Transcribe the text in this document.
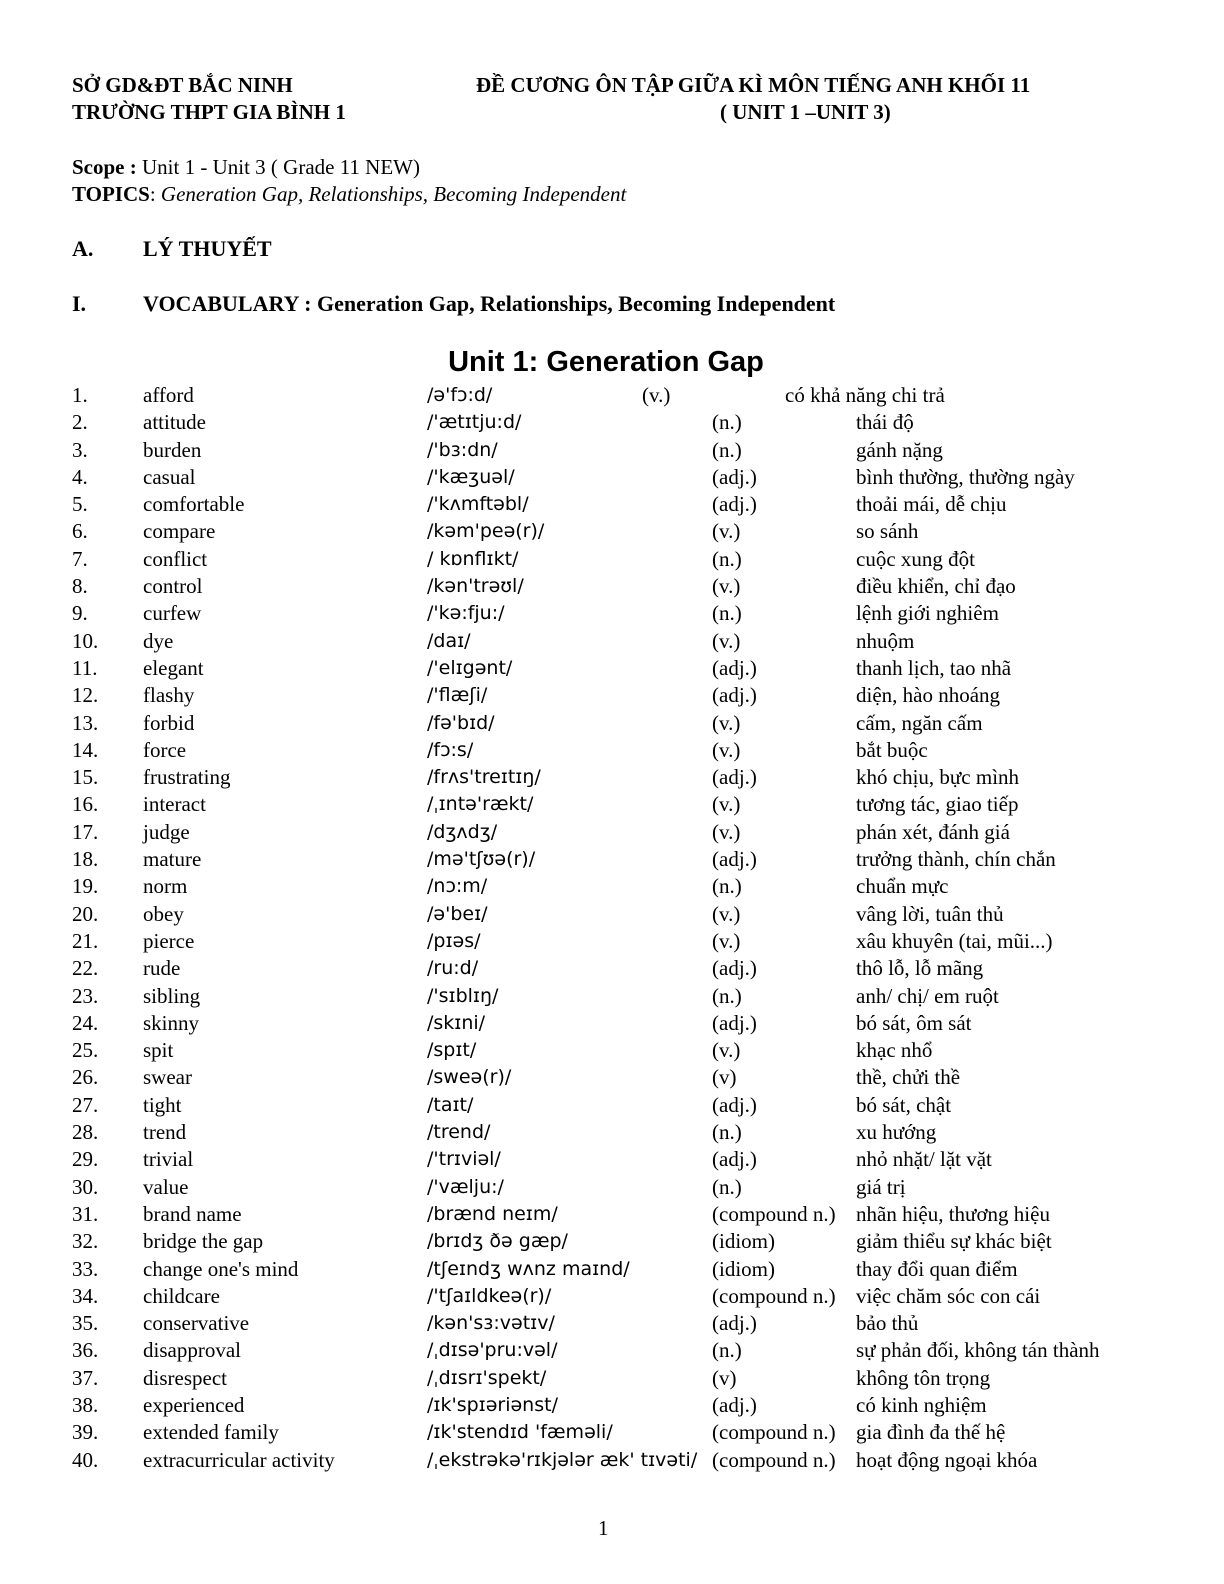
SỞ GD&ĐT BẮC NINH
TRƯỜNG THPT GIA BÌNH 1
ĐỀ CƯƠNG ÔN TẬP GIỮA KÌ MÔN TIẾNG ANH KHỐI 11
( UNIT 1 –UNIT 3)
Scope : Unit 1 - Unit 3 ( Grade 11 NEW)
TOPICS: Generation Gap, Relationships, Becoming Independent
A. LÝ THUYẾT
I.	VOCABULARY : Generation Gap, Relationships, Becoming Independent
Unit 1: Generation Gap
1.	afford	/ə'fɔ:d/	(v.)	có khả năng chi trả
2.	attitude	/'ætɪtju:d/	(n.)	thái độ
3.	burden	/'bɜ:dn/	(n.)	gánh nặng
4.	casual	/'kæʒuəl/	(adj.)	bình thường, thường ngày
5.	comfortable	/'kʌmftəbl/	(adj.)	thoải mái, dễ chịu
6.	compare	/kəm'peə(r)/	(v.)	so sánh
7.	conflict	/ kɒnflɪkt/	(n.)	cuộc xung đột
8.	control	/kən'trəʊl/	(v.)	điều khiển, chỉ đạo
9.	curfew	/'kə:fju:/	(n.)	lệnh giới nghiêm
10. dye	/daɪ/	(v.)	nhuộm
11. elegant	/'elɪgənt/	(adj.)	thanh lịch, tao nhã
12. flashy	/'flæʃi/	(adj.)	diện, hào nhoáng
13. forbid	/fə'bɪd/	(v.)	cấm, ngăn cấm
14. force	/fɔ:s/	(v.)	bắt buộc
15. frustrating	/frʌs'treɪtɪŋ/	(adj.)	khó chịu, bực mình
16. interact	/ˌɪntə'rækt/	(v.)	tương tác, giao tiếp
17. judge	/dʒʌdʒ/	(v.)	phán xét, đánh giá
18. mature	/mə'tʃʊə(r)/	(adj.)	trưởng thành, chín chắn
19. norm	/nɔ:m/	(n.)	chuẩn mực
20. obey	/ə'beɪ/	(v.)	vâng lời, tuân thủ
21. pierce	/pɪəs/	(v.)	xâu khuyên (tai, mũi...)
22. rude	/ru:d/	(adj.)	thô lỗ, lỗ mãng
23. sibling	/'sɪblɪŋ/	(n.)	anh/ chị/ em ruột
24. skinny	/skɪni/	(adj.)	bó sát, ôm sát
25. spit	/spɪt/	(v.)	khạc nhổ
26. swear	/sweə(r)/	(v)	thề, chửi thề
27. tight	/taɪt/	(adj.)	bó sát, chật
28. trend	/trend/	(n.)	xu hướng
29. trivial	/'trɪviəl/	(adj.)	nhỏ nhặt/ lặt vặt
30. value	/'vælju:/	(n.)	giá trị
31. brand name	/brænd neɪm/	(compound n.) nhãn hiệu, thương hiệu
32. bridge the gap	/brɪdʒ ðə gæp/	(idiom)	giảm thiểu sự khác biệt
33. change one's mind	/tʃeɪndʒ wʌnz maɪnd/	(idiom)	thay đổi quan điểm
34. childcare	/'tʃaɪldkeə(r)/	(compound n.) việc chăm sóc con cái
35. conservative	/kən'sɜ:vətɪv/	(adj.)	bảo thủ
36. disapproval	/ˌdɪsə'pru:vəl/	(n.)	sự phản đối, không tán thành
37. disrespect	/ˌdɪsrɪ'spekt/	(v)	không tôn trọng
38. experienced	/ɪk'spɪəriənst/	(adj.)	có kinh nghiệm
39. extended family	/ɪk'stendɪd 'fæməli/	(compound n.) gia đình đa thế hệ
40. extracurricular activity	/ˌekstrəkə'rɪkjələr æk' tɪvəti/ (compound n.) hoạt động ngoại khóa
1
